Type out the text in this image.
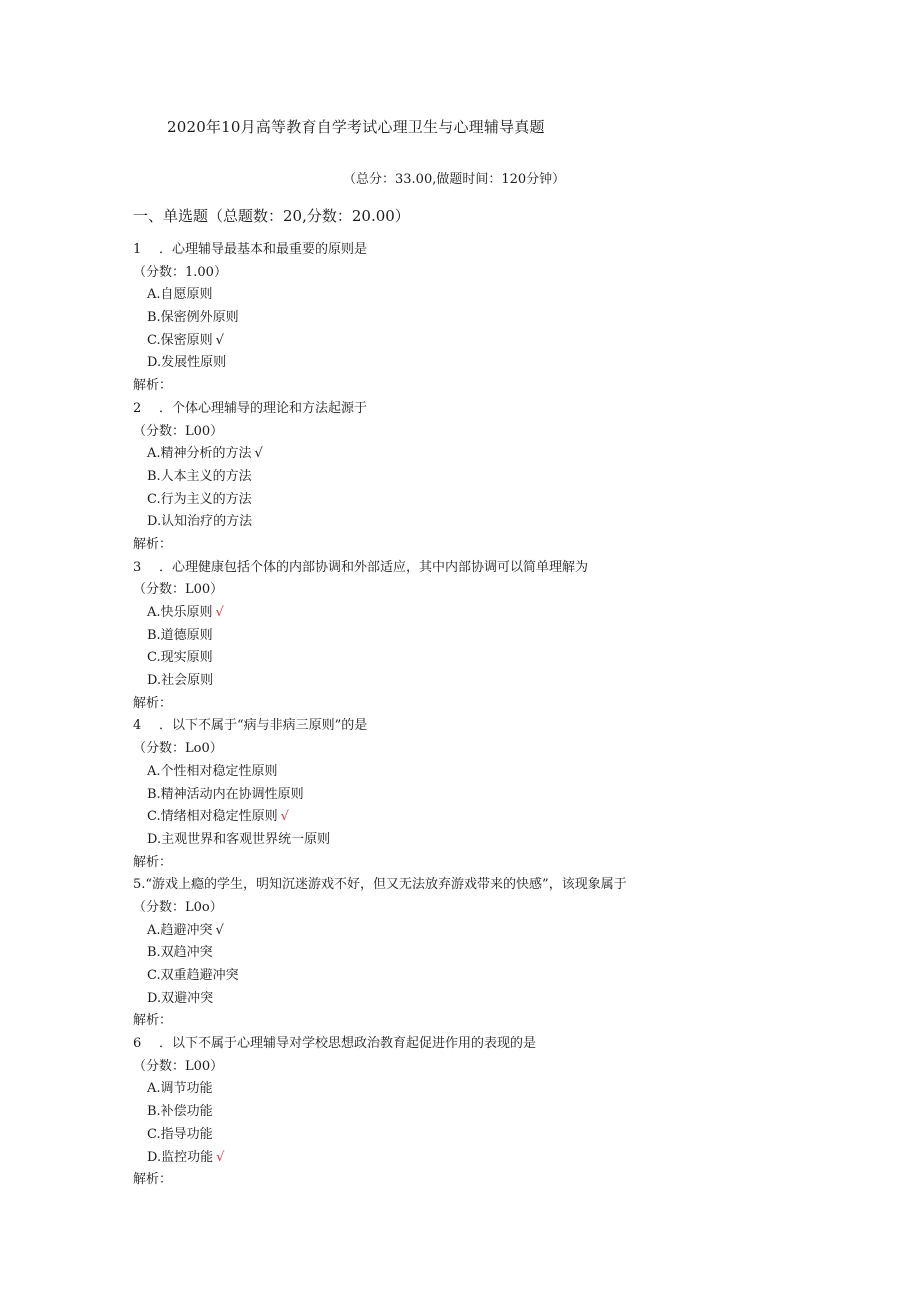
2020年10月高等教育自学考试心理卫生与心理辅导真题
（总分：33.00,做题时间：120分钟）
一、单选题（总题数：20,分数：20.00）
1 ．心理辅导最基本和最重要的原则是
（分数：1.00）
A.自愿原则
B.保密例外原则
C.保密原则 √
D.发展性原则
解析：
2 ．个体心理辅导的理论和方法起源于
（分数：L00）
A.精神分析的方法 √
B.人本主义的方法
C.行为主义的方法
D.认知治疗的方法
解析：
3 ．心理健康包括个体的内部协调和外部适应，其中内部协调可以简单理解为
（分数：L00）
A.快乐原则 √
B.道德原则
C.现实原则
D.社会原则
解析：
4 ．以下不属于“病与非病三原则”的是
（分数：Lo0）
A.个性相对稳定性原则
B.精神活动内在协调性原则
C.情绪相对稳定性原则 √
D.主观世界和客观世界统一原则
解析：
5.“游戏上瘾的学生，明知沉迷游戏不好，但又无法放弃游戏带来的快感”，该现象属于
（分数：L0o）
A.趋避冲突 √
B.双趋冲突
C.双重趋避冲突
D.双避冲突
解析：
6 ．以下不属于心理辅导对学校思想政治教育起促进作用的表现的是
（分数：L00）
A.调节功能
B.补偿功能
C.指导功能
D.监控功能 √
解析：
